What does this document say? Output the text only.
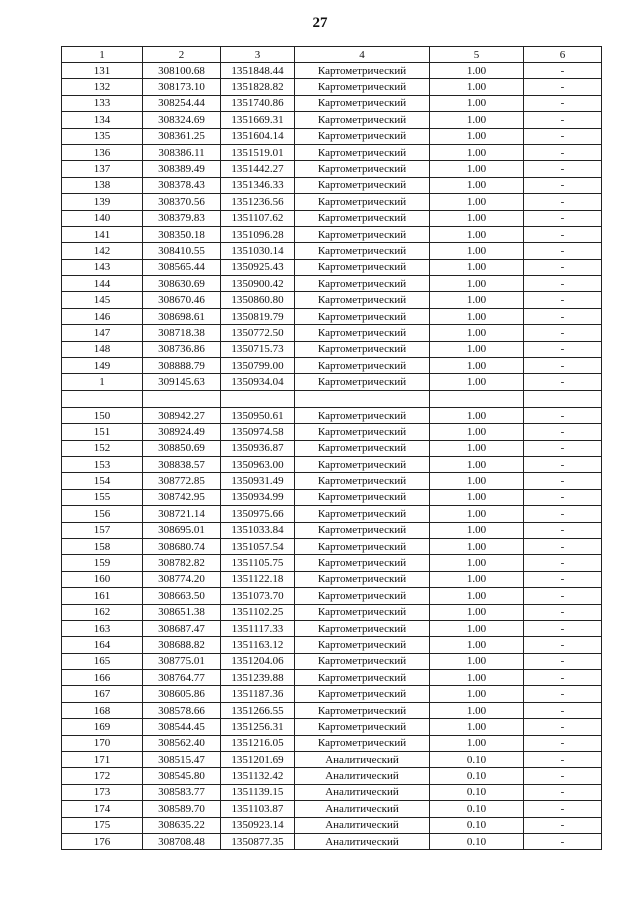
27
1	2	3	4	5	6
131	308100.68	1351848.44	Картометрический	1.00	-
132	308173.10	1351828.82	Картометрический	1.00	-
133	308254.44	1351740.86	Картометрический	1.00	-
134	308324.69	1351669.31	Картометрический	1.00	-
135	308361.25	1351604.14	Картометрический	1.00	-
136	308386.11	1351519.01	Картометрический	1.00	-
137	308389.49	1351442.27	Картометрический	1.00	-
138	308378.43	1351346.33	Картометрический	1.00	-
139	308370.56	1351236.56	Картометрический	1.00	-
140	308379.83	1351107.62	Картометрический	1.00	-
141	308350.18	1351096.28	Картометрический	1.00	-
142	308410.55	1351030.14	Картометрический	1.00	-
143	308565.44	1350925.43	Картометрический	1.00	-
144	308630.69	1350900.42	Картометрический	1.00	-
145	308670.46	1350860.80	Картометрический	1.00	-
146	308698.61	1350819.79	Картометрический	1.00	-
147	308718.38	1350772.50	Картометрический	1.00	-
148	308736.86	1350715.73	Картометрический	1.00	-
149	308888.79	1350799.00	Картометрический	1.00	-
1	309145.63	1350934.04	Картометрический	1.00	-

150	308942.27	1350950.61	Картометрический	1.00	-
151	308924.49	1350974.58	Картометрический	1.00	-
152	308850.69	1350936.87	Картометрический	1.00	-
153	308838.57	1350963.00	Картометрический	1.00	-
154	308772.85	1350931.49	Картометрический	1.00	-
155	308742.95	1350934.99	Картометрический	1.00	-
156	308721.14	1350975.66	Картометрический	1.00	-
157	308695.01	1351033.84	Картометрический	1.00	-
158	308680.74	1351057.54	Картометрический	1.00	-
159	308782.82	1351105.75	Картометрический	1.00	-
160	308774.20	1351122.18	Картометрический	1.00	-
161	308663.50	1351073.70	Картометрический	1.00	-
162	308651.38	1351102.25	Картометрический	1.00	-
163	308687.47	1351117.33	Картометрический	1.00	-
164	308688.82	1351163.12	Картометрический	1.00	-
165	308775.01	1351204.06	Картометрический	1.00	-
166	308764.77	1351239.88	Картометрический	1.00	-
167	308605.86	1351187.36	Картометрический	1.00	-
168	308578.66	1351266.55	Картометрический	1.00	-
169	308544.45	1351256.31	Картометрический	1.00	-
170	308562.40	1351216.05	Картометрический	1.00	-
171	308515.47	1351201.69	Аналитический	0.10	-
172	308545.80	1351132.42	Аналитический	0.10	-
173	308583.77	1351139.15	Аналитический	0.10	-
174	308589.70	1351103.87	Аналитический	0.10	-
175	308635.22	1350923.14	Аналитический	0.10	-
176	308708.48	1350877.35	Аналитический	0.10	-
